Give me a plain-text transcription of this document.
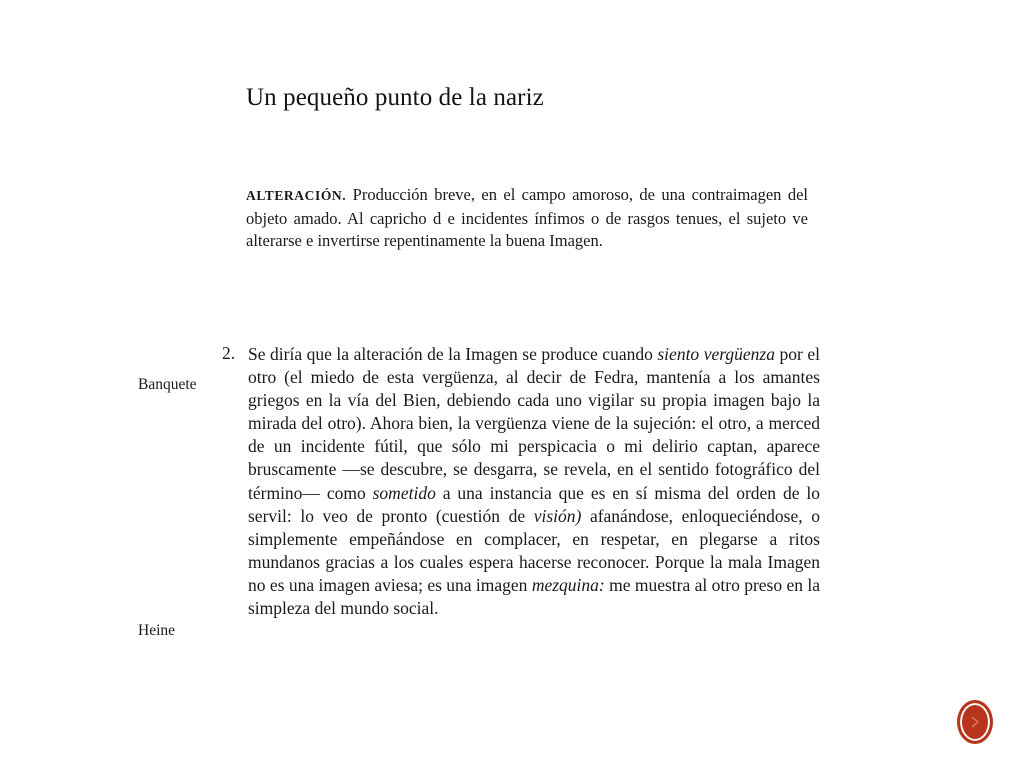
Un pequeño punto de la nariz

ALTERACIÓN. Producción breve, en el campo amoroso, de una contraimagen del objeto amado. Al capricho d e incidentes ínfimos o de rasgos tenues, el sujeto ve alterarse e invertirse repentinamente la buena Imagen.

2. Se diría que la alteración de la Imagen se produce cuando siento vergüenza por el otro (el miedo de esta vergüenza, al decir de Fedra, mantenía a los amantes griegos en la vía del Bien, debiendo cada uno vigilar su propia imagen bajo la mirada del otro). Ahora bien, la vergüenza viene de la sujeción: el otro, a merced de un incidente fútil, que sólo mi perspicacia o mi delirio captan, aparece bruscamente —se descubre, se desgarra, se revela, en el sentido fotográfico del término— como sometido a una instancia que es en sí misma del orden de lo servil: lo veo de pronto (cuestión de visión) afanándose, enloqueciéndose, o simplemente empeñándose en complacer, en respetar, en plegarse a ritos mundanos gracias a los cuales espera hacerse reconocer. Porque la mala Imagen no es una imagen aviesa; es una imagen mezquina: me muestra al otro preso en la simpleza del mundo social.

Banquete
Heine
